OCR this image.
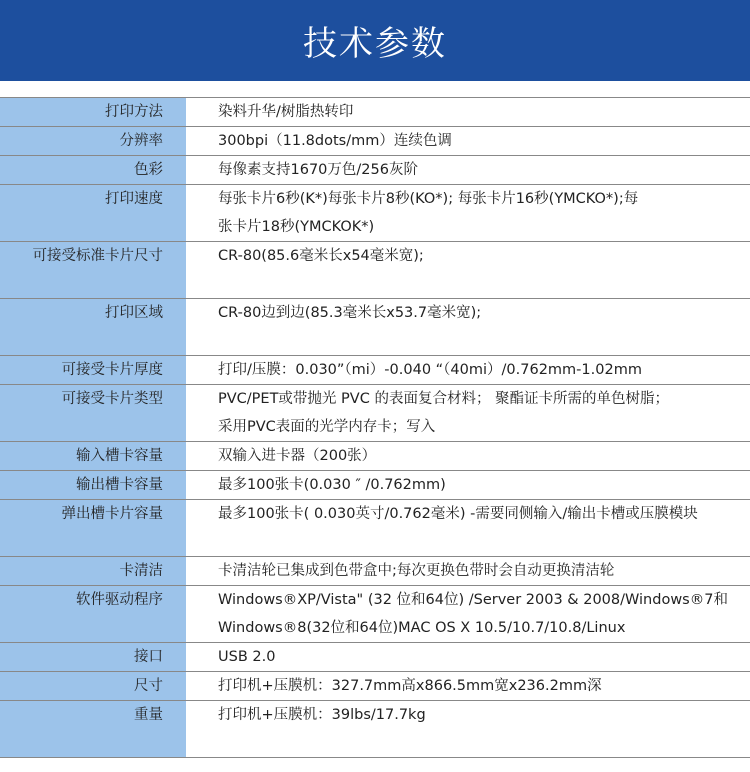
技术参数
打印方法	染料升华/树脂热转印

分辨率	300bpi（11.8dots/mm）连续色调

色彩	每像素支持1670万色/256灰阶

打印速度	每张卡片6秒(K*)每张卡片8秒(KO*); 每张卡片16秒(YMCKO*);每
张卡片18秒(YMCKOK*)

可接受标准卡片尺寸	CR-80(85.6毫米长x54毫米宽);

打印区域	CR-80边到边(85.3毫米长x53.7毫米宽);

可接受卡片厚度	打印/压膜：0.030”（mi）-0.040 “（40mi）/0.762mm-1.02mm

可接受卡片类型	PVC/PET或带抛光 PVC 的表面复合材料； 聚酯证卡所需的单色树脂；
采用PVC表面的光学内存卡；写入

输入槽卡容量	双输入进卡器（200张）

输出槽卡容量	最多100张卡(0.030 ″ /0.762mm)

弹出槽卡片容量	最多100张卡( 0.030英寸/0.762毫米) -需要同侧输入/输出卡槽或压膜模块

卡清洁	卡清洁轮已集成到色带盒中;每次更换色带时会自动更换清洁轮

软件驱动程序	Windows®XP/Vista" (32 位和64位) /Server 2003 & 2008/Windows®7和
Windows®8(32位和64位)MAC OS X 10.5/10.7/10.8/Linux

接口	USB 2.0

尺寸	打印机+压膜机：327.7mm高x866.5mm宽x236.2mm深

重量	打印机+压膜机：39lbs/17.7kg
